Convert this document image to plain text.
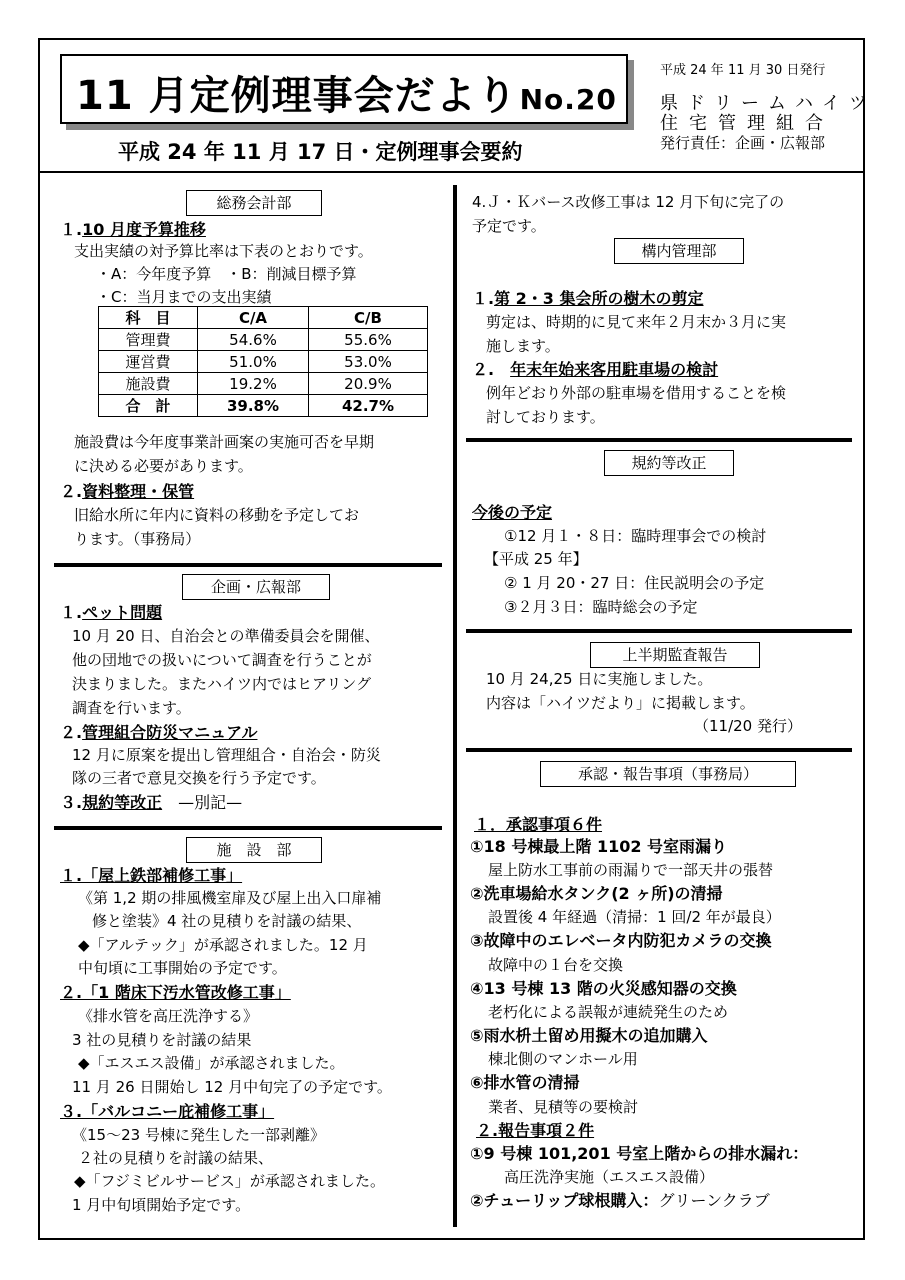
11 月定例理事会だよりNo.20
平成 24 年 11 月 17 日・定例理事会要約
平成 24 年 11 月 30 日発行
県ドリームハイツ
住宅管理組合
発行責任：企画・広報部
総務会計部
１.10 月度予算推移
支出実績の対予算比率は下表のとおりです。
・A：今年度予算　・B：削減目標予算
・C：当月までの支出実績
科　目	C/A	C/B
管理費	54.6%	55.6%
運営費	51.0%	53.0%
施設費	19.2%	20.9%
合　計	39.8%	42.7%
施設費は今年度事業計画案の実施可否を早期
に決める必要があります。
２.資料整理・保管
旧給水所に年内に資料の移動を予定してお
ります。（事務局）
企画・広報部
１.ペット問題
10 月 20 日、自治会との準備委員会を開催、
他の団地での扱いについて調査を行うことが
決まりました。またハイツ内ではヒアリング
調査を行います。
２.管理組合防災マニュアル
12 月に原案を提出し管理組合・自治会・防災
隊の三者で意見交換を行う予定です。
３.規約等改正　 —別記—
施　設　部
１.「屋上鉄部補修工事」
《第 1,2 期の排風機室扉及び屋上出入口扉補
修と塗装》4 社の見積りを討議の結果、
◆「アルテック」が承認されました。12 月
中旬頃に工事開始の予定です。
２.「1 階床下汚水管改修工事」
《排水管を高圧洗浄する》
3 社の見積りを討議の結果
◆「エスエス設備」が承認されました。
11 月 26 日開始し 12 月中旬完了の予定です。
３.「バルコニー庇補修工事」
《15～23 号棟に発生した一部剥離》
２社の見積りを討議の結果、
◆「フジミビルサービス」が承認されました。
1 月中旬頃開始予定です。
4.Ｊ・Ｋバース改修工事は 12 月下旬に完了の
予定です。
構内管理部
１.第 2・3 集会所の樹木の剪定
剪定は、時期的に見て来年２月末か３月に実
施します。
２.　 年末年始来客用駐車場の検討
例年どおり外部の駐車場を借用することを検
討しております。
規約等改正
今後の予定
①12 月１・８日：臨時理事会での検討
【平成 25 年】
② 1 月 20・27 日：住民説明会の予定
③２月３日：臨時総会の予定
上半期監査報告
10 月 24,25 日に実施しました。
内容は「ハイツだより」に掲載します。
（11/20 発行）
承認・報告事項（事務局）
１．承認事項６件
①18 号棟最上階 1102 号室雨漏り
屋上防水工事前の雨漏りで一部天井の張替
②洗車場給水タンク(2 ヶ所)の清掃
設置後 4 年経過（清掃：1 回/2 年が最良）
③故障中のエレベータ内防犯カメラの交換
故障中の１台を交換
④13 号棟 13 階の火災感知器の交換
老朽化による誤報が連続発生のため
⑤雨水枡土留め用擬木の追加購入
棟北側のマンホール用
⑥排水管の清掃
業者、見積等の要検討
２.報告事項２件
①9 号棟 101,201 号室上階からの排水漏れ：
高圧洗浄実施（エスエス設備）
②チューリップ球根購入：グリーンクラブ
